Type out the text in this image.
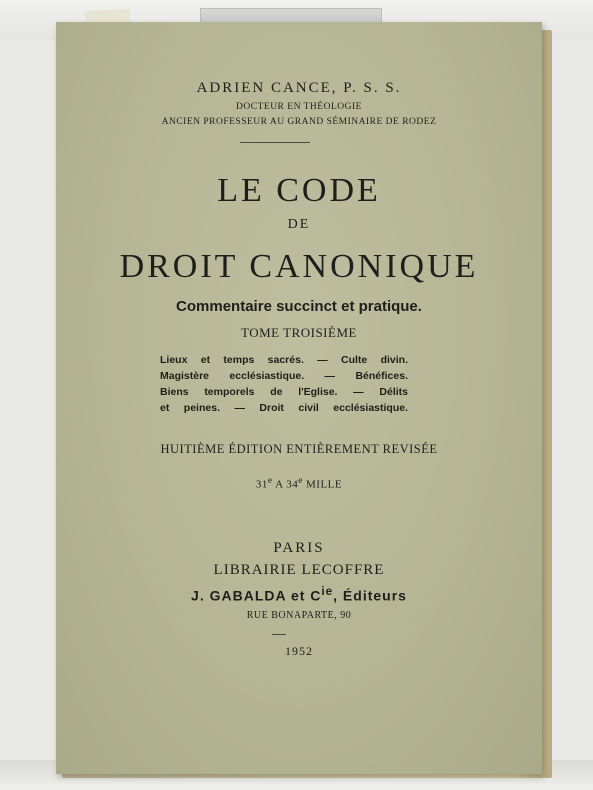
ADRIEN CANCE, P. S. S.
DOCTEUR EN THÉOLOGIE
ANCIEN PROFESSEUR AU GRAND SÉMINAIRE DE RODEZ
LE CODE
DE
DROIT CANONIQUE
Commentaire succinct et pratique.
TOME TROISIÈME
Lieux et temps sacrés. — Culte divin.
Magistère ecclésiastique. — Bénéfices.
Biens temporels de l'Eglise. — Délits
et peines. — Droit civil ecclésiastique.
HUITIÈME ÉDITION ENTIÈREMENT REVISÉE
31e A 34e MILLE
PARIS
LIBRAIRIE LECOFFRE
J. GABALDA et $C^{ie}$, Éditeurs
RUE BONAPARTE, 90
1952
